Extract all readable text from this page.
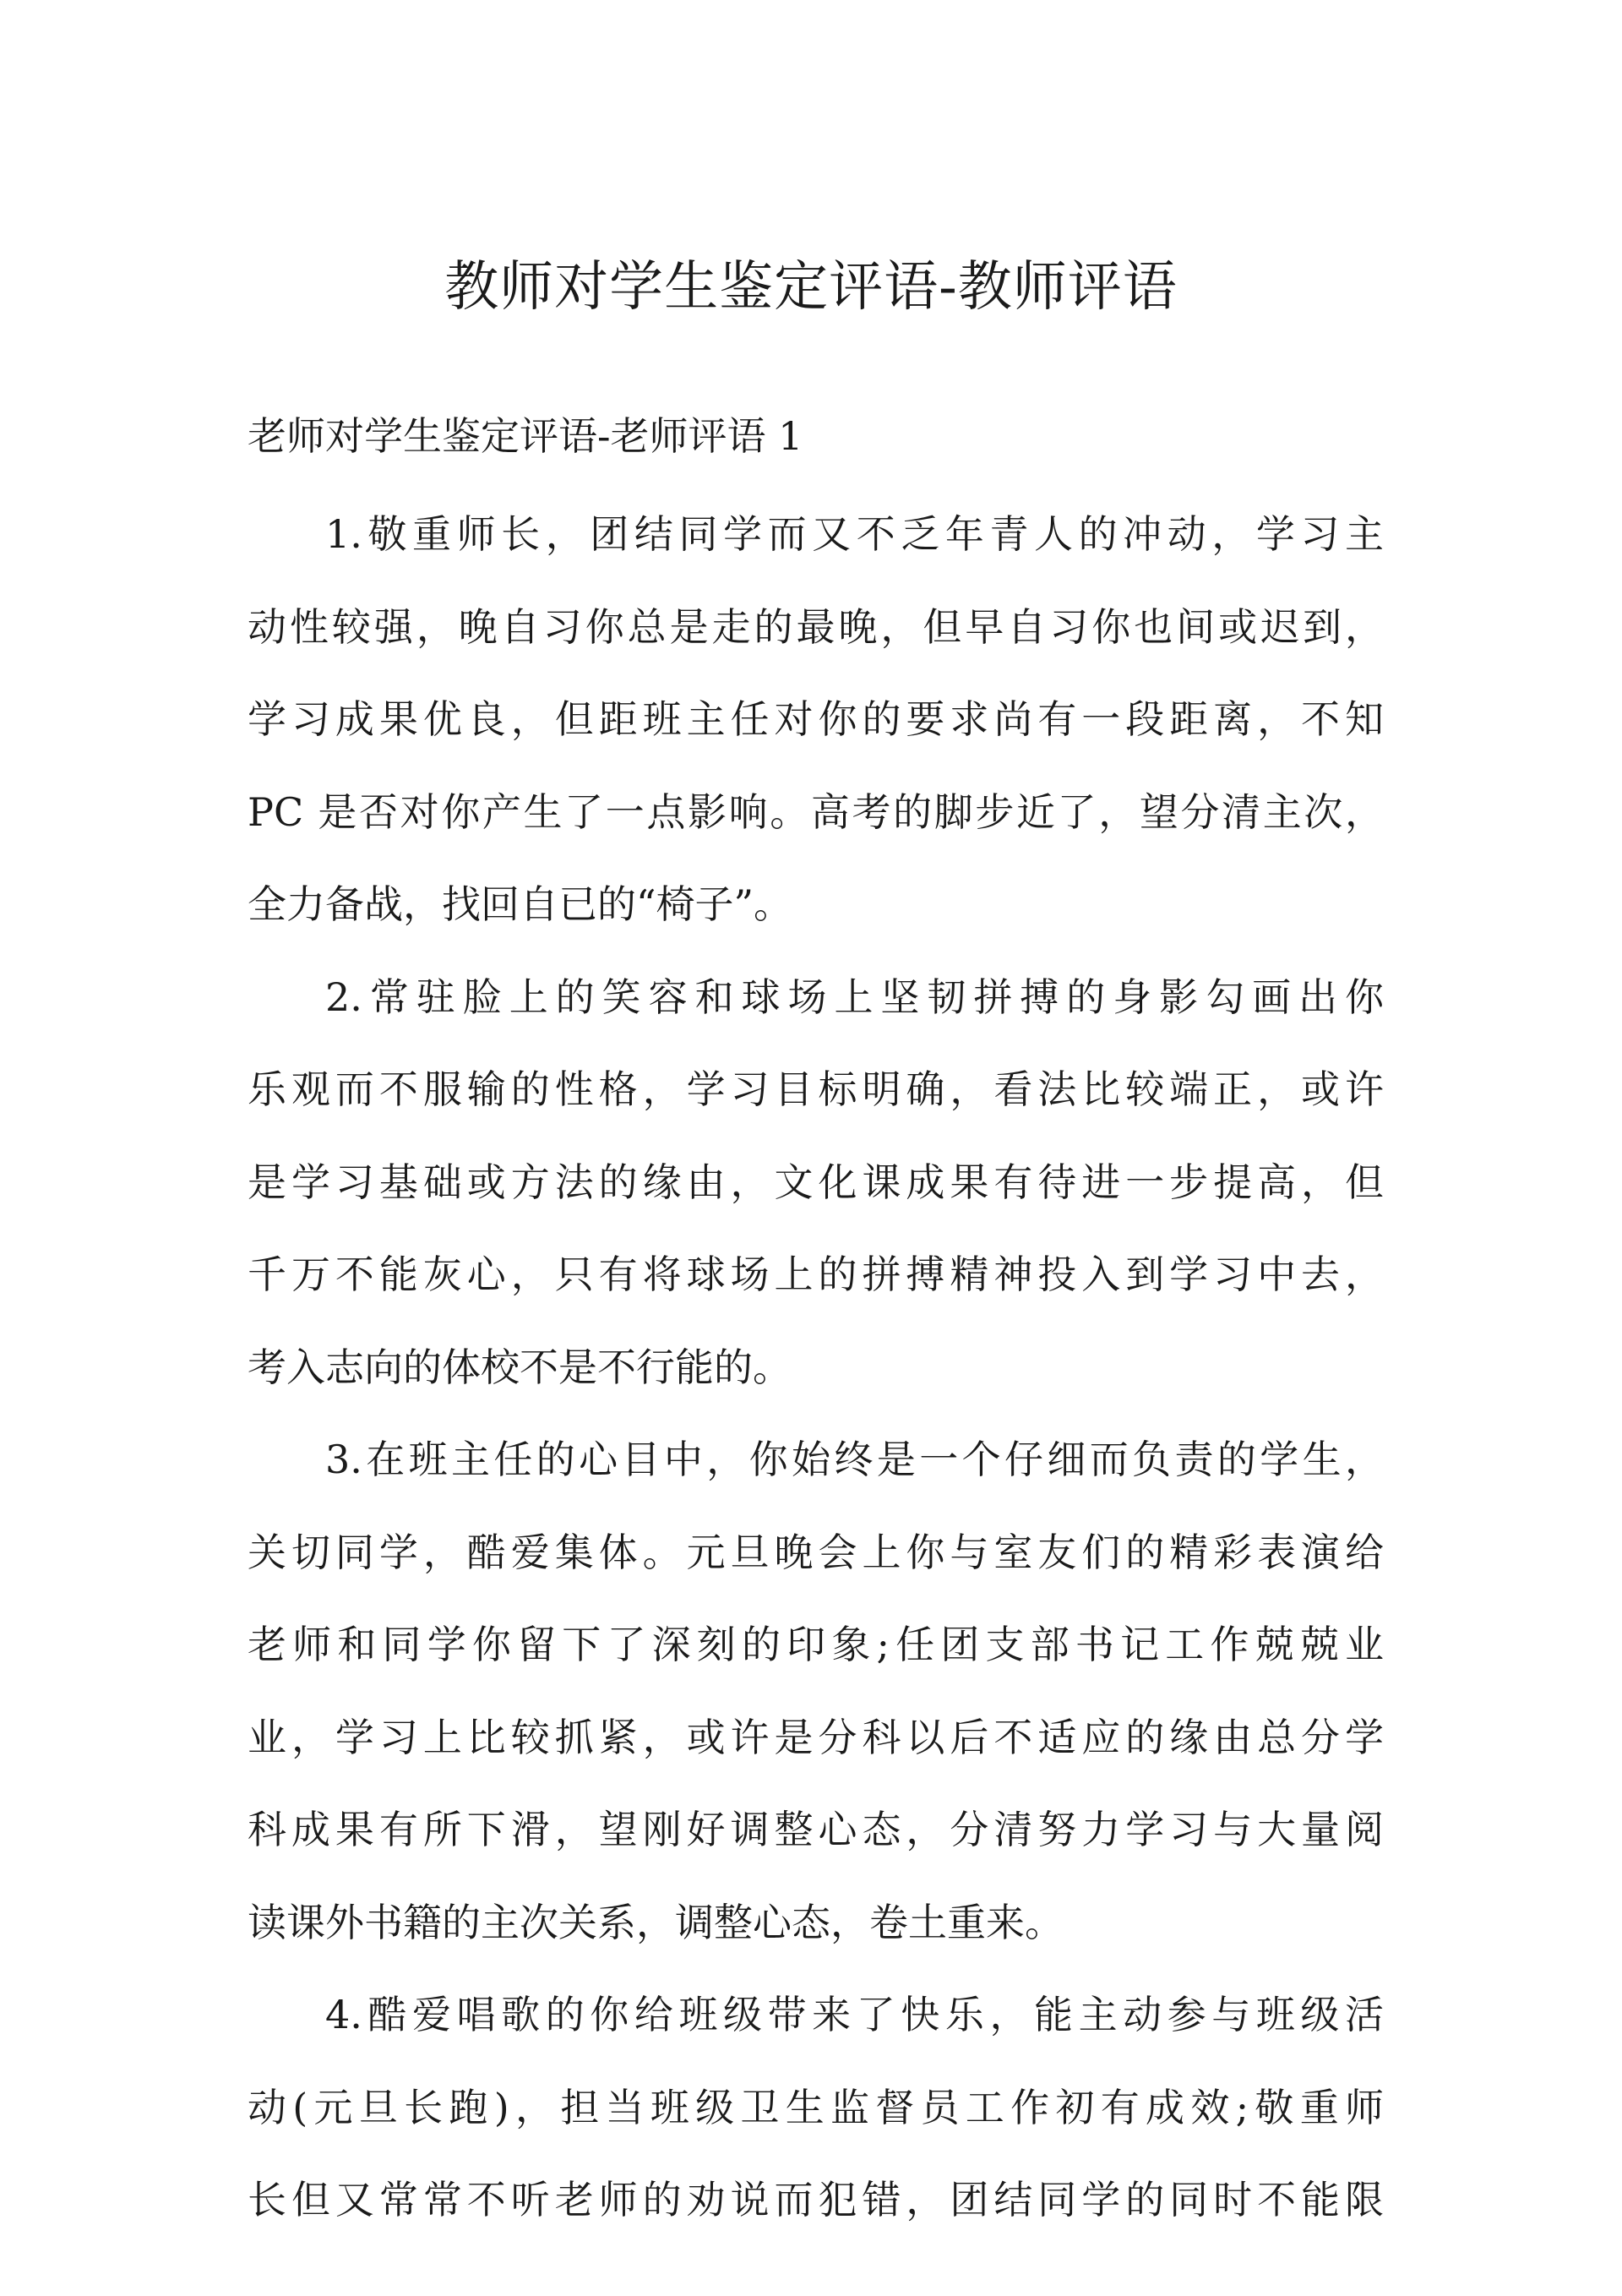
教师对学生鉴定评语-教师评语

老师对学生鉴定评语-老师评语 1

1.敬重师长，团结同学而又不乏年青人的冲动，学习主
动性较强，晚自习你总是走的最晚，但早自习你也间或迟到，
学习成果优良，但距班主任对你的要求尚有一段距离，不知
PC 是否对你产生了一点影响。高考的脚步近了，望分清主次，
全力备战，找回自已的“椅子”。
2.常驻脸上的笑容和球场上坚韧拼搏的身影勾画出你
乐观而不服输的性格，学习目标明确，看法比较端正，或许
是学习基础或方法的缘由，文化课成果有待进一步提高，但
千万不能灰心，只有将球场上的拼搏精神投入到学习中去，
考入志向的体校不是不行能的。
3.在班主任的心目中，你始终是一个仔细而负责的学生，
关切同学，酷爱集体。元旦晚会上你与室友们的精彩表演给
老师和同学你留下了深刻的印象;任团支部书记工作兢兢业
业，学习上比较抓紧，或许是分科以后不适应的缘由总分学
科成果有所下滑，望刚好调整心态，分清努力学习与大量阅
读课外书籍的主次关系，调整心态，卷土重来。
4.酷爱唱歌的你给班级带来了快乐，能主动参与班级活
动(元旦长跑)，担当班级卫生监督员工作初有成效;敬重师
长但又常常不听老师的劝说而犯错，团结同学的同时不能限
